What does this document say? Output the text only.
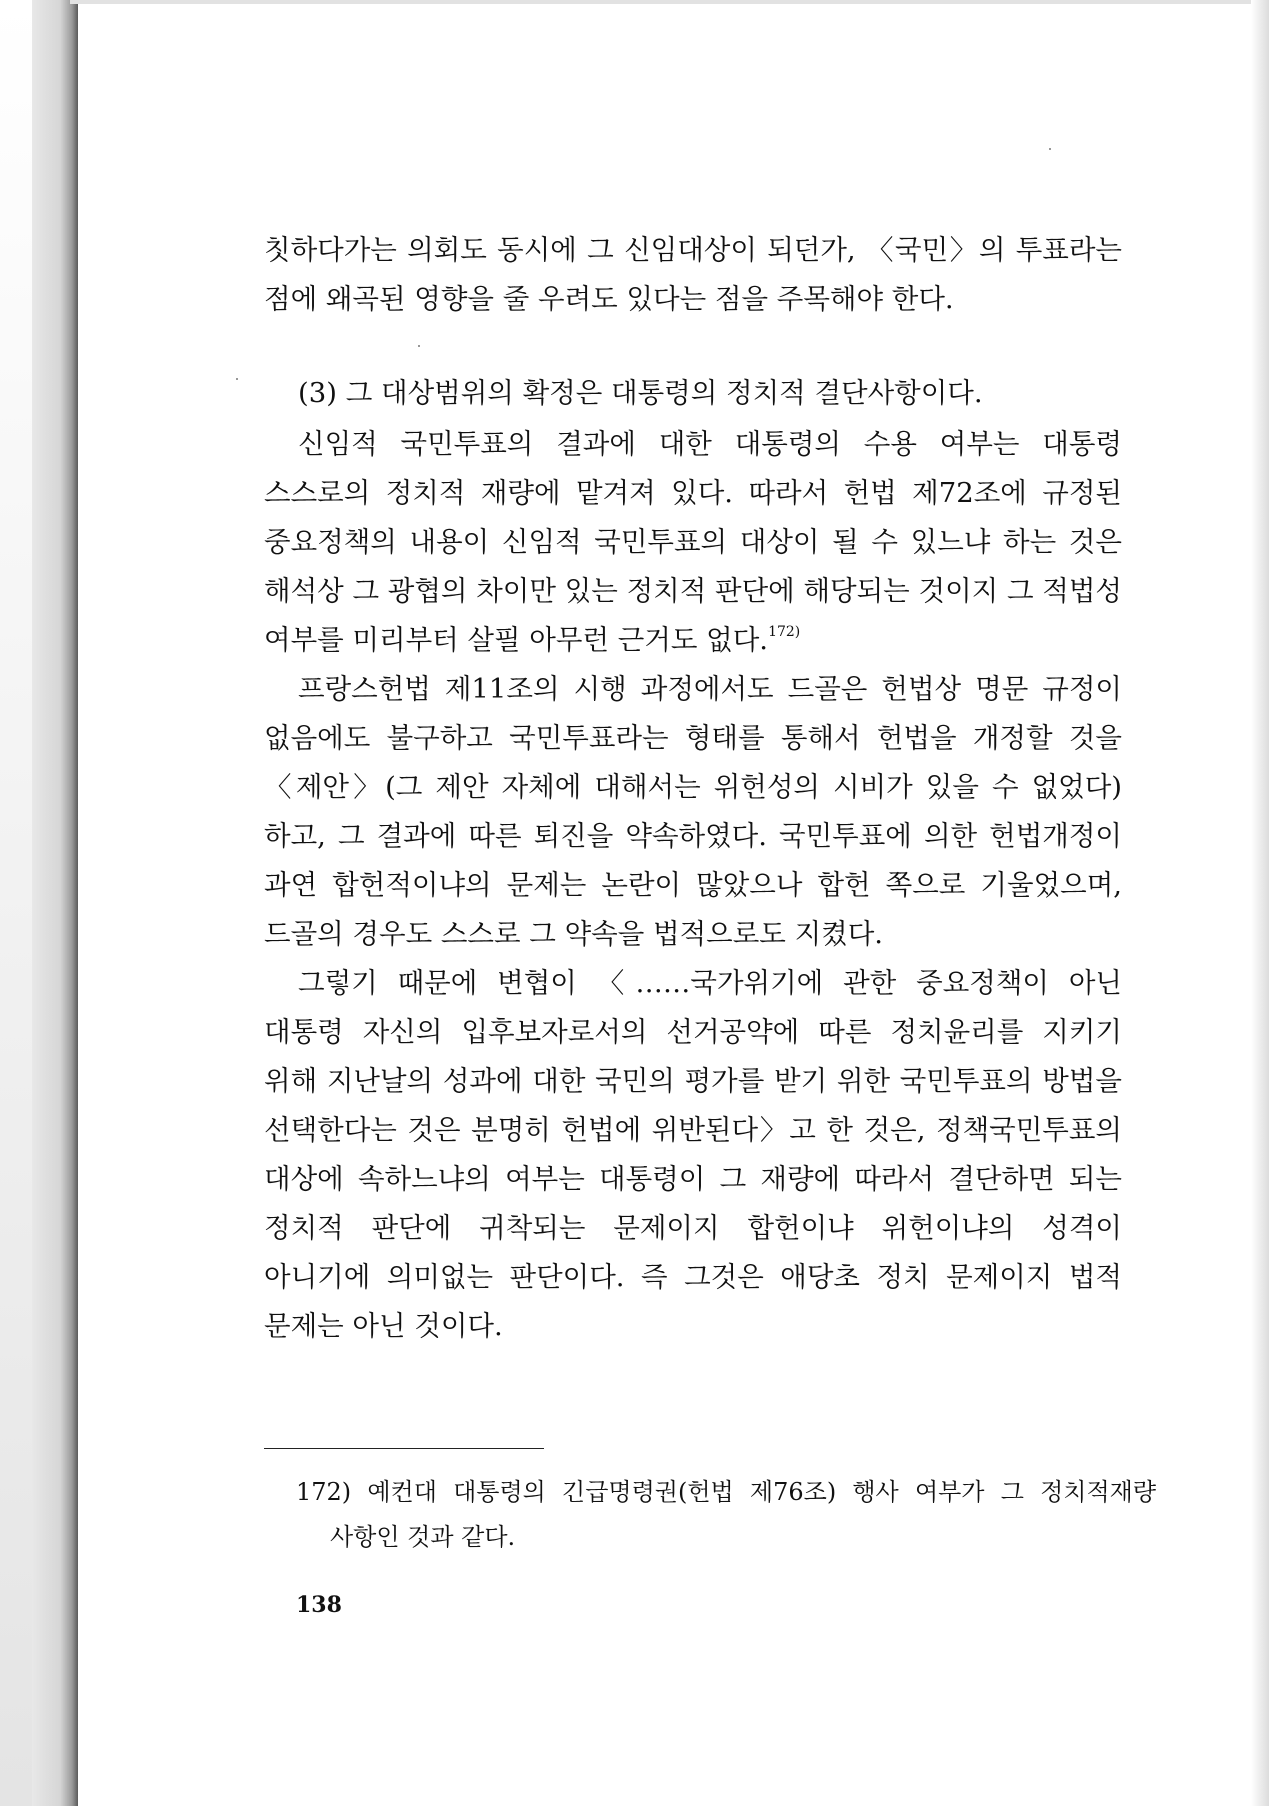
칫하다가는 의회도 동시에 그 신임대상이 되던가, 〈국민〉의 투표라는 점에 왜곡된 영향을 줄 우려도 있다는 점을 주목해야 한다.

(3) 그 대상범위의 확정은 대통령의 정치적 결단사항이다.

신임적 국민투표의 결과에 대한 대통령의 수용 여부는 대통령 스스로의 정치적 재량에 맡겨져 있다. 따라서 헌법 제72조에 규정된 중요정책의 내용이 신임적 국민투표의 대상이 될 수 있느냐 하는 것은 해석상 그 광협의 차이만 있는 정치적 판단에 해당되는 것이지 그 적법성 여부를 미리부터 살필 아무런 근거도 없다.$^{172)}$

프랑스헌법 제11조의 시행 과정에서도 드골은 헌법상 명문 규정이 없음에도 불구하고 국민투표라는 형태를 통해서 헌법을 개정할 것을 〈제안〉(그 제안 자체에 대해서는 위헌성의 시비가 있을 수 없었다)하고, 그 결과에 따른 퇴진을 약속하였다. 국민투표에 의한 헌법개정이 과연 합헌적이냐의 문제는 논란이 많았으나 합헌 쪽으로 기울었으며, 드골의 경우도 스스로 그 약속을 법적으로도 지켰다.

그렇기 때문에 변협이 〈……국가위기에 관한 중요정책이 아닌 대통령 자신의 입후보자로서의 선거공약에 따른 정치윤리를 지키기 위해 지난날의 성과에 대한 국민의 평가를 받기 위한 국민투표의 방법을 선택한다는 것은 분명히 헌법에 위반된다〉고 한 것은, 정책국민투표의 대상에 속하느냐의 여부는 대통령이 그 재량에 따라서 결단하면 되는 정치적 판단에 귀착되는 문제이지 합헌이냐 위헌이냐의 성격이 아니기에 의미없는 판단이다. 즉 그것은 애당초 정치 문제이지 법적 문제는 아닌 것이다.

172) 예컨대 대통령의 긴급명령권(헌법 제76조) 행사 여부가 그 정치적재량 사항인 것과 같다.

138
